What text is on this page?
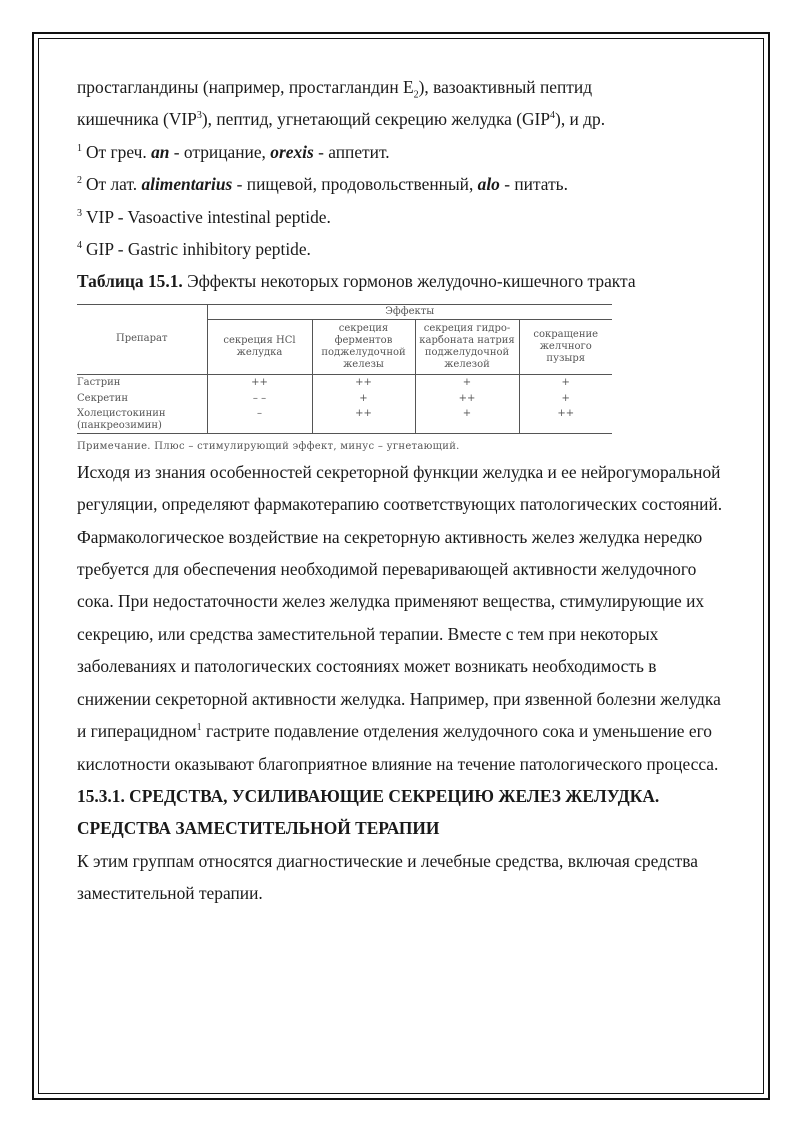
простагландины (например, простагландин $E_2$), вазоактивный пептид
кишечника (VIP$^3$), пептид, угнетающий секрецию желудка (GIP$^4$), и др.

$^1$ От греч. an - отрицание, orexis - аппетит.

$^2$ От лат. alimentarius - пищевой, продовольственный, alo - питать.

$^3$ VIP - Vasoactive intestinal peptide.

$^4$ GIP - Gastric inhibitory peptide.

Таблица 15.1. Эффекты некоторых гормонов желудочно-кишечного тракта

Препарат	Эффекты			
	секреция HCl желудка	секреция ферментов поджелудочной железы	секреция гидро-карбоната натрия поджелудочной железой	сокращение желчного пузыря
Гастрин	++	++	+	+
Секретин	– –	+	++	+
Холецистокинин (панкреозимин)	–	++	+	++
Примечание. Плюс – стимулирующий эффект, минус – угнетающий.

Исходя из знания особенностей секреторной функции желудка и ее нейрогуморальной регуляции, определяют фармакотерапию соответствующих патологических состояний.

Фармакологическое воздействие на секреторную активность желез желудка нередко требуется для обеспечения необходимой переваривающей активности желудочного сока. При недостаточности желез желудка применяют вещества, стимулирующие их секрецию, или средства заместительной терапии. Вместе с тем при некоторых заболеваниях и патологических состояниях может возникать необходимость в снижении секреторной активности желудка. Например, при язвенной болезни желудка и гиперацидном$^1$ гастрите подавление отделения желудочного сока и уменьшение его кислотности оказывают благоприятное влияние на течение патологического процесса.

15.3.1. СРЕДСТВА, УСИЛИВАЮЩИЕ СЕКРЕЦИЮ ЖЕЛЕЗ ЖЕЛУДКА. СРЕДСТВА ЗАМЕСТИТЕЛЬНОЙ ТЕРАПИИ

К этим группам относятся диагностические и лечебные средства, включая средства заместительной терапии.
